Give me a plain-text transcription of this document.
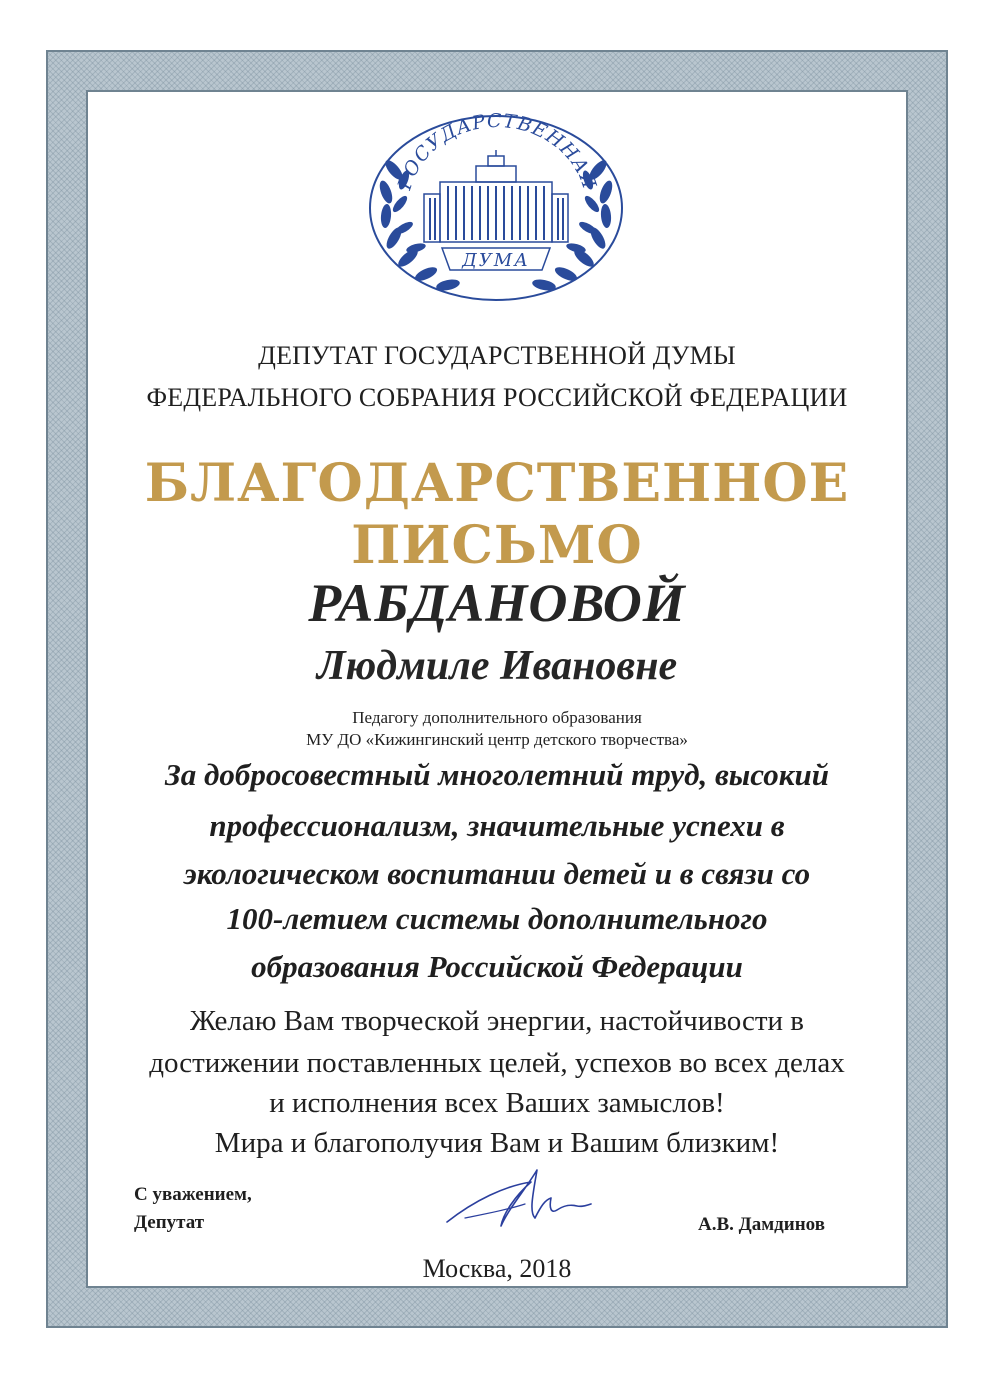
ГОСУДАРСТВЕННАЯ
ДУМА

ДЕПУТАТ ГОСУДАРСТВЕННОЙ ДУМЫ

ФЕДЕРАЛЬНОГО СОБРАНИЯ РОССИЙСКОЙ ФЕДЕРАЦИИ

БЛАГОДАРСТВЕННОЕ

ПИСЬМО

РАБДАНОВОЙ

Людмиле Ивановне

Педагогу дополнительного образования

МУ ДО «Кижингинский центр детского творчества»

За добросовестный многолетний труд, высокий

профессионализм, значительные успехи в

экологическом воспитании детей и в связи со

100-летием системы дополнительного

образования Российской Федерации

Желаю Вам творческой энергии, настойчивости в

достижении поставленных целей, успехов во всех делах

и исполнения всех Ваших замыслов!

Мира и благополучия Вам и Вашим близким!

С уважением,

Депутат	А.В. Дамдинов

Москва, 2018
